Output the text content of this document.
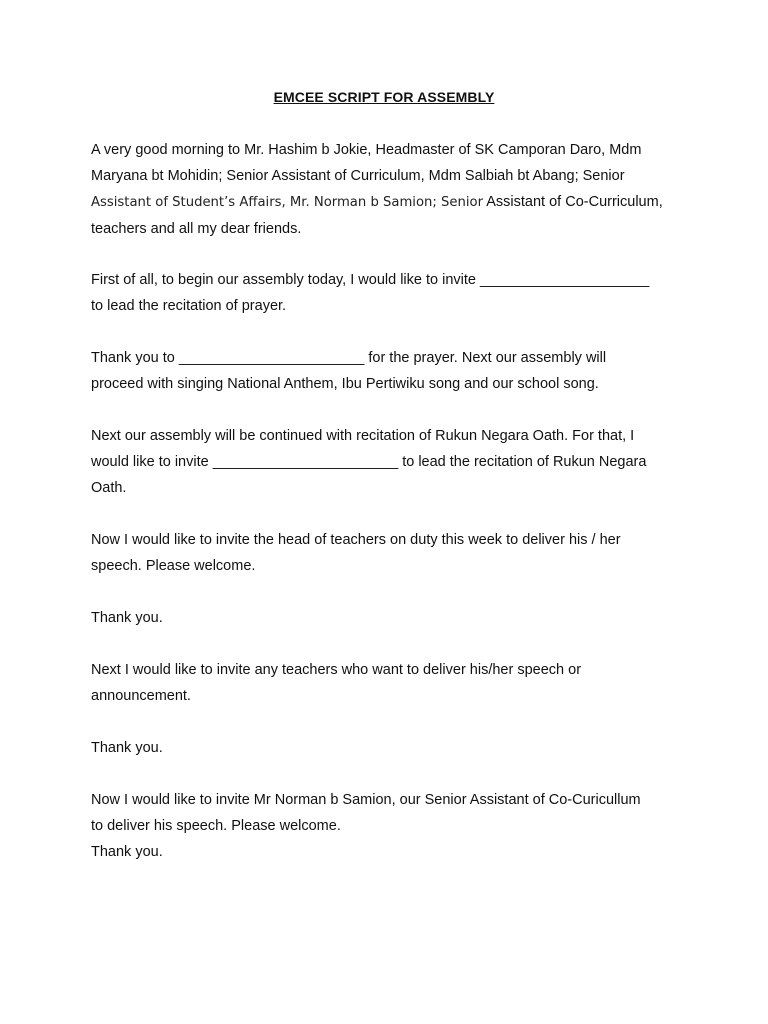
EMCEE SCRIPT FOR ASSEMBLY

A very good morning to Mr. Hashim b Jokie, Headmaster of SK Camporan Daro, Mdm
Maryana bt Mohidin; Senior Assistant of Curriculum, Mdm Salbiah bt Abang; Senior
Assistant of Student’s Affairs, Mr. Norman b Samion; Senior Assistant of Co-Curriculum,
teachers and all my dear friends.

First of all, to begin our assembly today, I would like to invite _____________________
to lead the recitation of prayer.

Thank you to _______________________ for the prayer. Next our assembly will
proceed with singing National Anthem, Ibu Pertiwiku song and our school song.

Next our assembly will be continued with recitation of Rukun Negara Oath. For that, I
would like to invite _______________________ to lead the recitation of Rukun Negara
Oath.

Now I would like to invite the head of teachers on duty this week to deliver his / her
speech. Please welcome.

Thank you.

Next I would like to invite any teachers who want to deliver his/her speech or
announcement.

Thank you.

Now I would like to invite Mr Norman b Samion, our Senior Assistant of Co-Curicullum
to deliver his speech. Please welcome.
Thank you.
